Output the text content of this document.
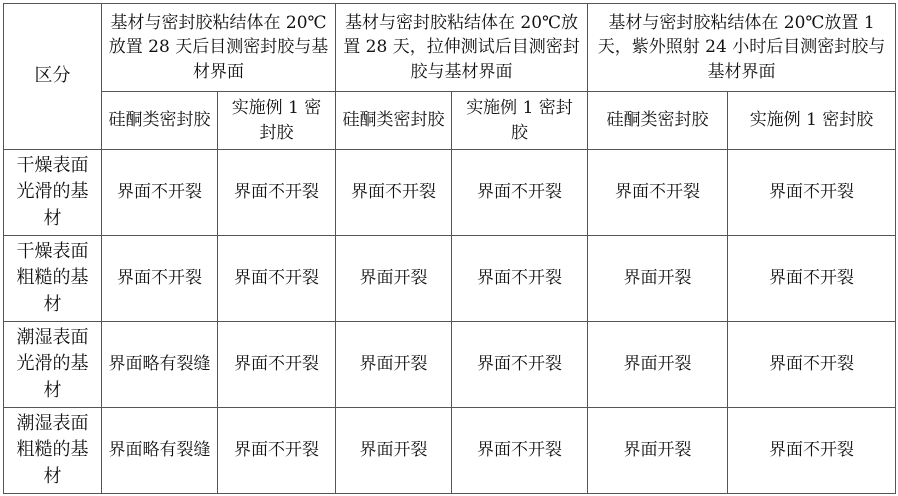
区分	基材与密封胶粘结体在 20℃放置 28 天后目测密封胶与基材界面		基材与密封胶粘结体在 20℃放置 28 天，拉伸测试后目测密封胶与基材界面		基材与密封胶粘结体在 20℃放置 1 天，紫外照射 24 小时后目测密封胶与基材界面	
	硅酮类密封胶	实施例 1 密封胶	硅酮类密封胶	实施例 1 密封胶	硅酮类密封胶	实施例 1 密封胶
干燥表面光滑的基材	界面不开裂	界面不开裂	界面不开裂	界面不开裂	界面不开裂	界面不开裂
干燥表面粗糙的基材	界面不开裂	界面不开裂	界面开裂	界面不开裂	界面开裂	界面不开裂
潮湿表面光滑的基材	界面略有裂缝	界面不开裂	界面开裂	界面不开裂	界面开裂	界面不开裂
潮湿表面粗糙的基材	界面略有裂缝	界面不开裂	界面开裂	界面不开裂	界面开裂	界面不开裂
